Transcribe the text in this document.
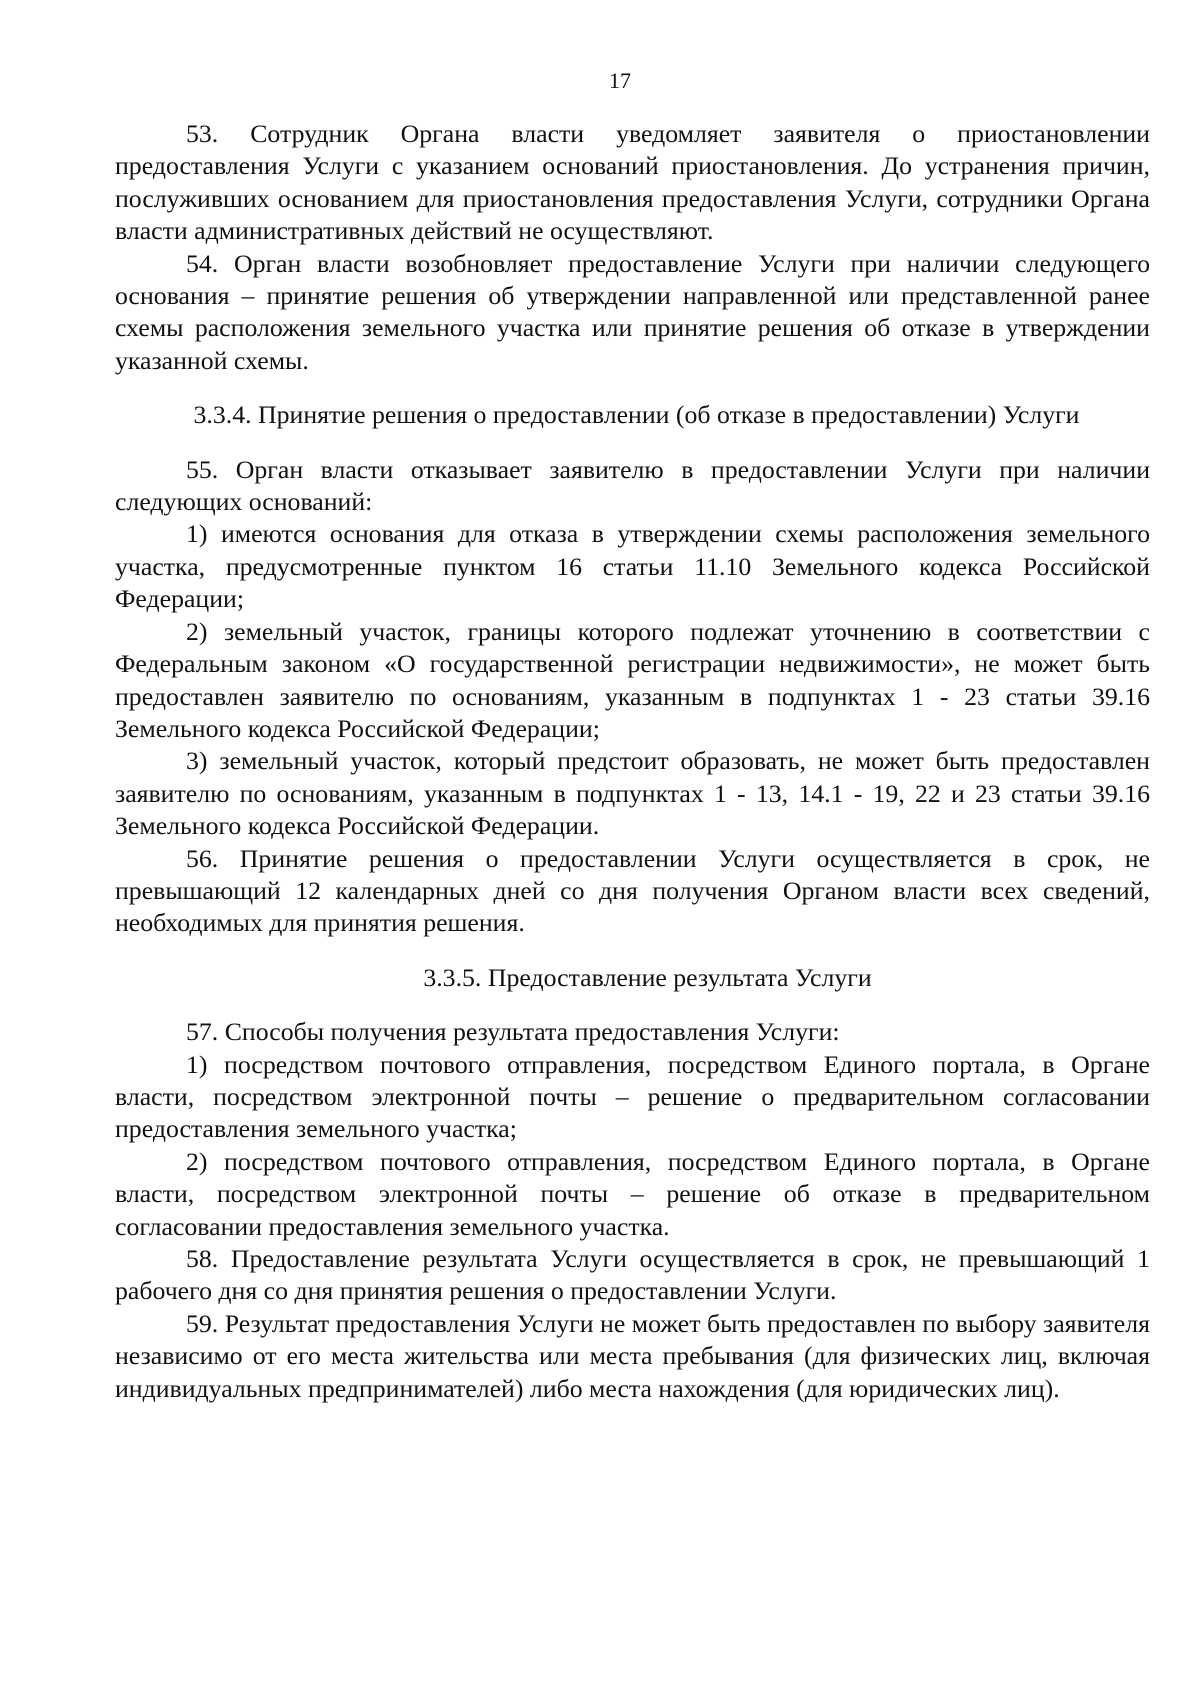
17

53. Сотрудник Органа власти уведомляет заявителя о приостановлении предоставления Услуги с указанием оснований приостановления. До устранения причин, послуживших основанием для приостановления предоставления Услуги, сотрудники Органа власти административных действий не осуществляют.

54. Орган власти возобновляет предоставление Услуги при наличии следующего основания – принятие решения об утверждении направленной или представленной ранее схемы расположения земельного участка или принятие решения об отказе в утверждении указанной схемы.

3.3.4. Принятие решения о предоставлении (об отказе в предоставлении) Услуги

55. Орган власти отказывает заявителю в предоставлении Услуги при наличии следующих оснований:

1) имеются основания для отказа в утверждении схемы расположения земельного участка, предусмотренные пунктом 16 статьи 11.10 Земельного кодекса Российской Федерации;

2) земельный участок, границы которого подлежат уточнению в соответствии с Федеральным законом «О государственной регистрации недвижимости», не может быть предоставлен заявителю по основаниям, указанным в подпунктах 1 - 23 статьи 39.16 Земельного кодекса Российской Федерации;

3) земельный участок, который предстоит образовать, не может быть предоставлен заявителю по основаниям, указанным в подпунктах 1 - 13, 14.1 - 19, 22 и 23 статьи 39.16 Земельного кодекса Российской Федерации.

56. Принятие решения о предоставлении Услуги осуществляется в срок, не превышающий 12 календарных дней со дня получения Органом власти всех сведений, необходимых для принятия решения.

3.3.5. Предоставление результата Услуги

57. Способы получения результата предоставления Услуги:

1) посредством почтового отправления, посредством Единого портала, в Органе власти, посредством электронной почты – решение о предварительном согласовании предоставления земельного участка;

2) посредством почтового отправления, посредством Единого портала, в Органе власти, посредством электронной почты – решение об отказе в предварительном согласовании предоставления земельного участка.

58. Предоставление результата Услуги осуществляется в срок, не превышающий 1 рабочего дня со дня принятия решения о предоставлении Услуги.

59. Результат предоставления Услуги не может быть предоставлен по выбору заявителя независимо от его места жительства или места пребывания (для физических лиц, включая индивидуальных предпринимателей) либо места нахождения (для юридических лиц).
